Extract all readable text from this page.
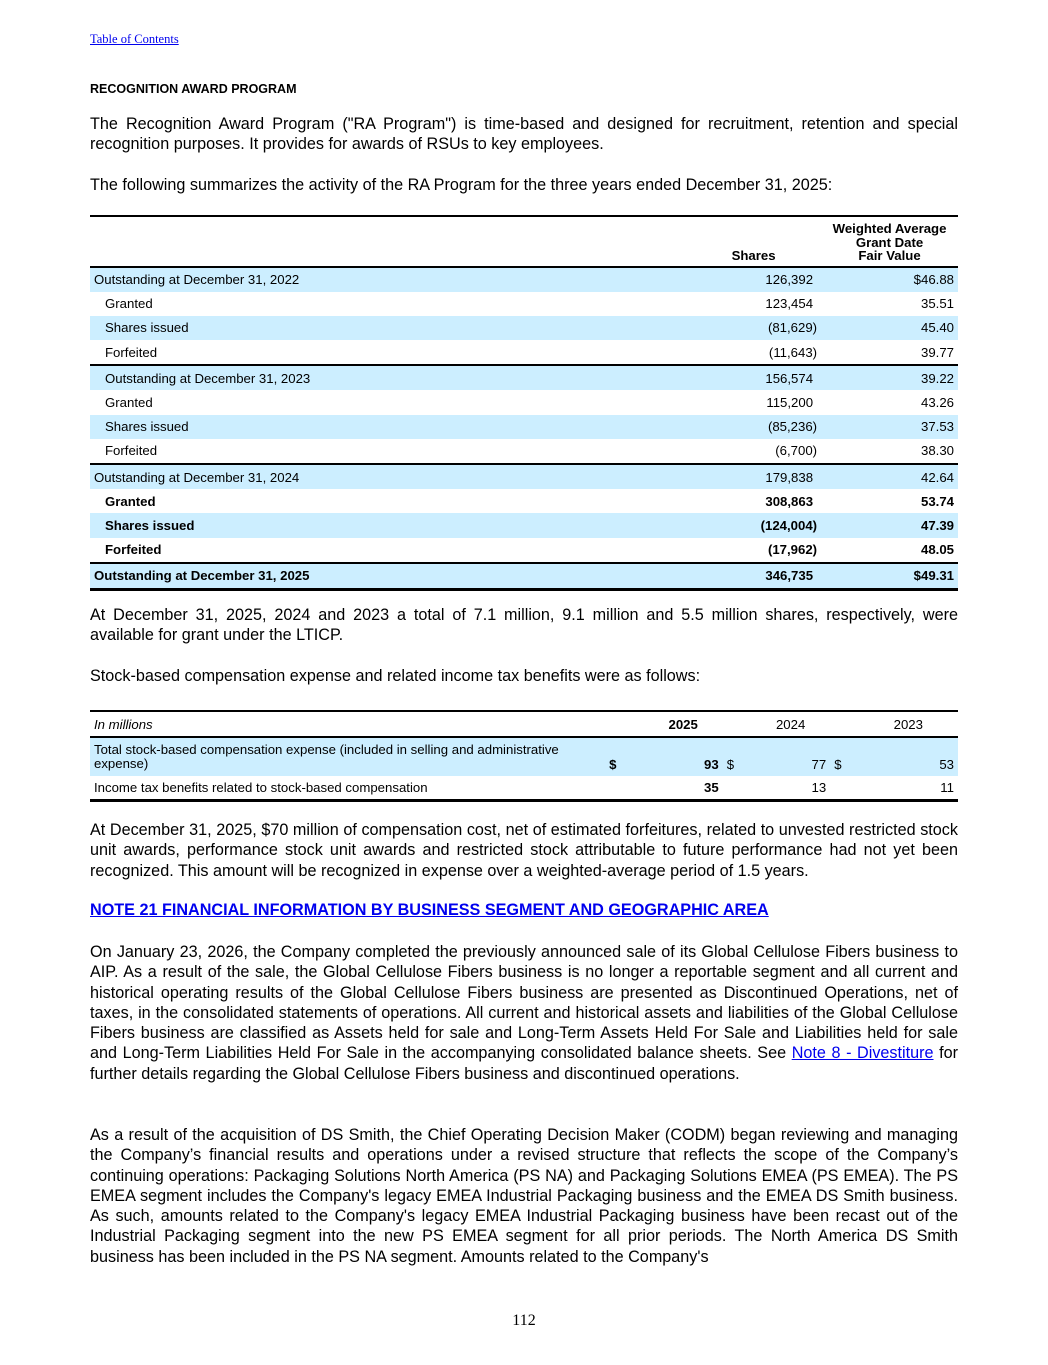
Table of Contents
RECOGNITION AWARD PROGRAM
The Recognition Award Program ("RA Program") is time-based and designed for recruitment, retention and special recognition purposes. It provides for awards of RSUs to key employees.
The following summarizes the activity of the RA Program for the three years ended December 31, 2025:
	Shares	Weighted Average
Grant Date
Fair Value

Outstanding at December 31, 2022	126,392	$46.88
Granted	123,454	35.51
Shares issued	(81,629)	45.40
Forfeited	(11,643)	39.77
Outstanding at December 31, 2023	156,574	39.22
Granted	115,200	43.26
Shares issued	(85,236)	37.53
Forfeited	(6,700)	38.30
Outstanding at December 31, 2024	179,838	42.64
Granted	308,863	53.74
Shares issued	(124,004)	47.39
Forfeited	(17,962)	48.05
Outstanding at December 31, 2025	346,735	$49.31
At December 31, 2025, 2024 and 2023 a total of 7.1 million, 9.1 million and 5.5 million shares, respectively, were available for grant under the LTICP.
Stock-based compensation expense and related income tax benefits were as follows:
In millions		2025		2024		2023
Total stock-based compensation expense (included in selling and administrative expense)	$	93	$	77	$	53
Income tax benefits related to stock-based compensation		35		13		11
At December 31, 2025, $70 million of compensation cost, net of estimated forfeitures, related to unvested restricted stock unit awards, performance stock unit awards and restricted stock attributable to future performance had not yet been recognized. This amount will be recognized in expense over a weighted-average period of 1.5 years.
NOTE 21 FINANCIAL INFORMATION BY BUSINESS SEGMENT AND GEOGRAPHIC AREA
On January 23, 2026, the Company completed the previously announced sale of its Global Cellulose Fibers business to AIP. As a result of the sale, the Global Cellulose Fibers business is no longer a reportable segment and all current and historical operating results of the Global Cellulose Fibers business are presented as Discontinued Operations, net of taxes, in the consolidated statements of operations. All current and historical assets and liabilities of the Global Cellulose Fibers business are classified as Assets held for sale and Long-Term Assets Held For Sale and Liabilities held for sale and Long-Term Liabilities Held For Sale in the accompanying consolidated balance sheets. See Note 8 - Divestiture for further details regarding the Global Cellulose Fibers business and discontinued operations.
As a result of the acquisition of DS Smith, the Chief Operating Decision Maker (CODM) began reviewing and managing the Company’s financial results and operations under a revised structure that reflects the scope of the Company’s continuing operations: Packaging Solutions North America (PS NA) and Packaging Solutions EMEA (PS EMEA). The PS EMEA segment includes the Company's legacy EMEA Industrial Packaging business and the EMEA DS Smith business. As such, amounts related to the Company's legacy EMEA Industrial Packaging business have been recast out of the Industrial Packaging segment into the new PS EMEA segment for all prior periods. The North America DS Smith business has been included in the PS NA segment. Amounts related to the Company's
112
